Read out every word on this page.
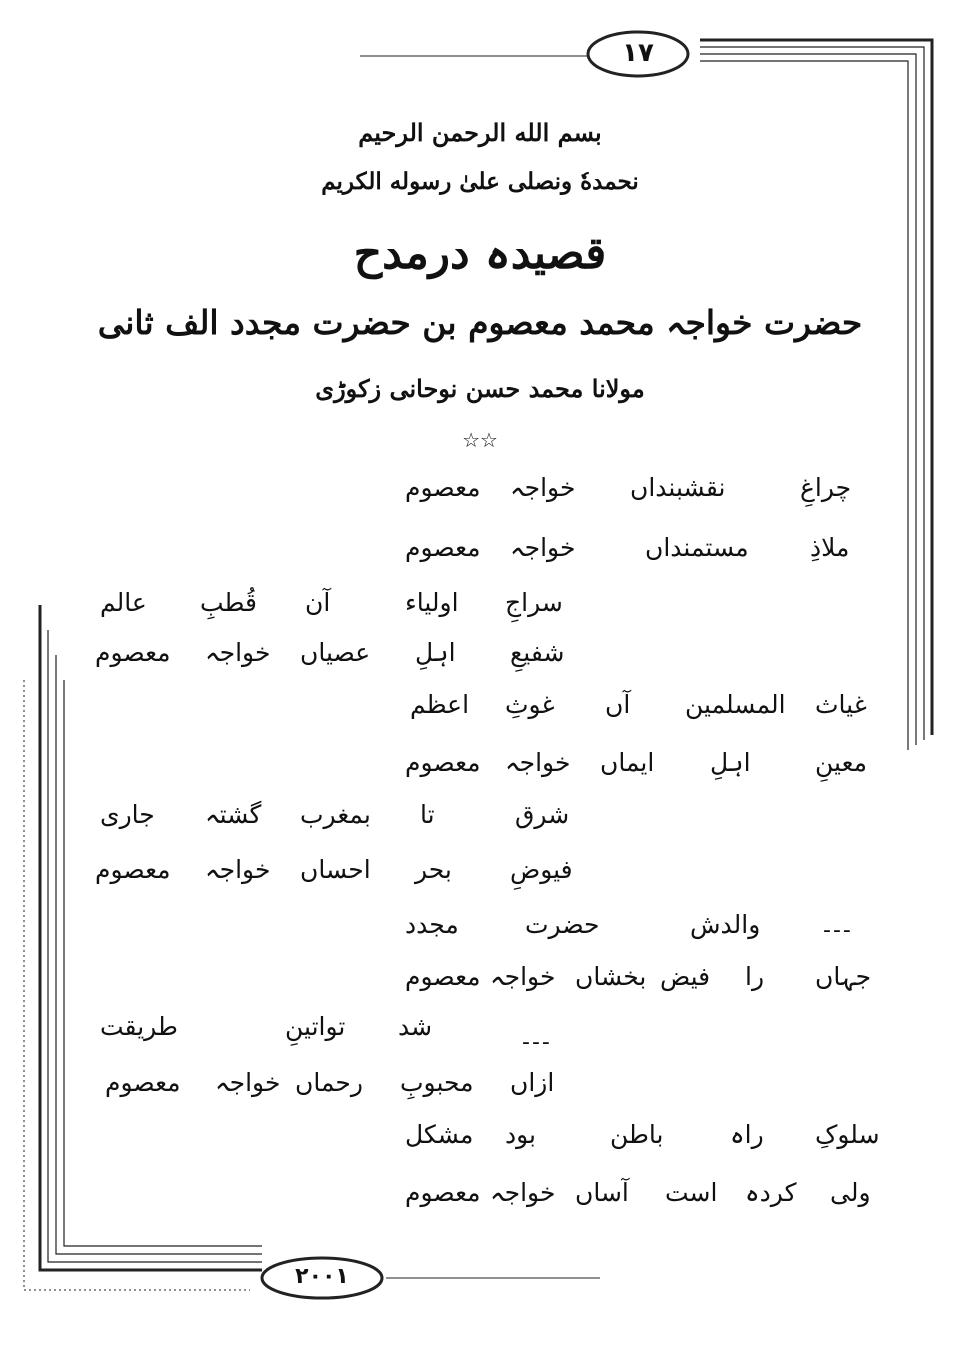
١٧
بسم الله الرحمن الرحيم
نحمدهٗ ونصلی علیٰ رسوله الکریم
قصیدہ درمدح
حضرت خواجہ محمد معصوم بن حضرت مجدد الف ثانی
مولانا محمد حسن نوحانی زکوڑی
☆☆
چراغِ
نقشبنداں
خواجہ
معصوم
ملاذِ
مستمنداں
خواجہ
معصوم
سراجِ
اولیاء
آن
قُطبِ
عالم
شفیعِ
اہلِ
عصیاں
خواجہ
معصوم
غیاث
المسلمین
آں
غوثِ
اعظم
معینِ
اہلِ
ایماں
خواجہ
معصوم
شرق
تا
بمغرب
گشتہ
جاری
فیوضِ
بحر
احساں
خواجہ
معصوم
---
والدش
حضرت
مجدد
جہاں
را
فیض
بخشاں
خواجہ
معصوم
---
شد
تواتینِ
طریقت
ازاں
محبوبِ
رحماں
خواجہ
معصوم
سلوکِ
راہ
باطن
بود
مشکل
ولی
کردہ
است
آساں
خواجہ
معصوم
٢٠٠١
